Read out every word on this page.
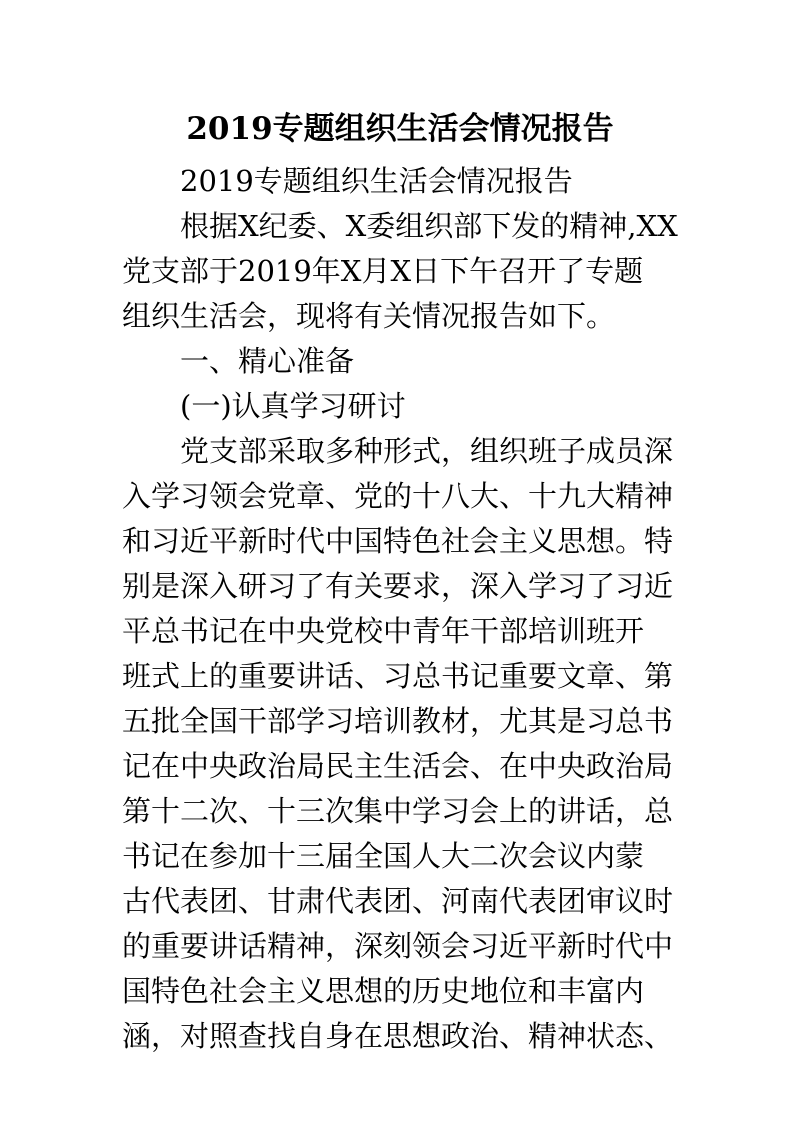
2019专题组织生活会情况报告
2019专题组织生活会情况报告
根据X纪委、X委组织部下发的精神,XX
党支部于2019年X月X日下午召开了专题
组织生活会，现将有关情况报告如下。
一、精心准备
(一)认真学习研讨
党支部采取多种形式，组织班子成员深
入学习领会党章、党的十八大、十九大精神
和习近平新时代中国特色社会主义思想。特
别是深入研习了有关要求，深入学习了习近
平总书记在中央党校中青年干部培训班开
班式上的重要讲话、习总书记重要文章、第
五批全国干部学习培训教材，尤其是习总书
记在中央政治局民主生活会、在中央政治局
第十二次、十三次集中学习会上的讲话，总
书记在参加十三届全国人大二次会议内蒙
古代表团、甘肃代表团、河南代表团审议时
的重要讲话精神，深刻领会习近平新时代中
国特色社会主义思想的历史地位和丰富内
涵，对照查找自身在思想政治、精神状态、
